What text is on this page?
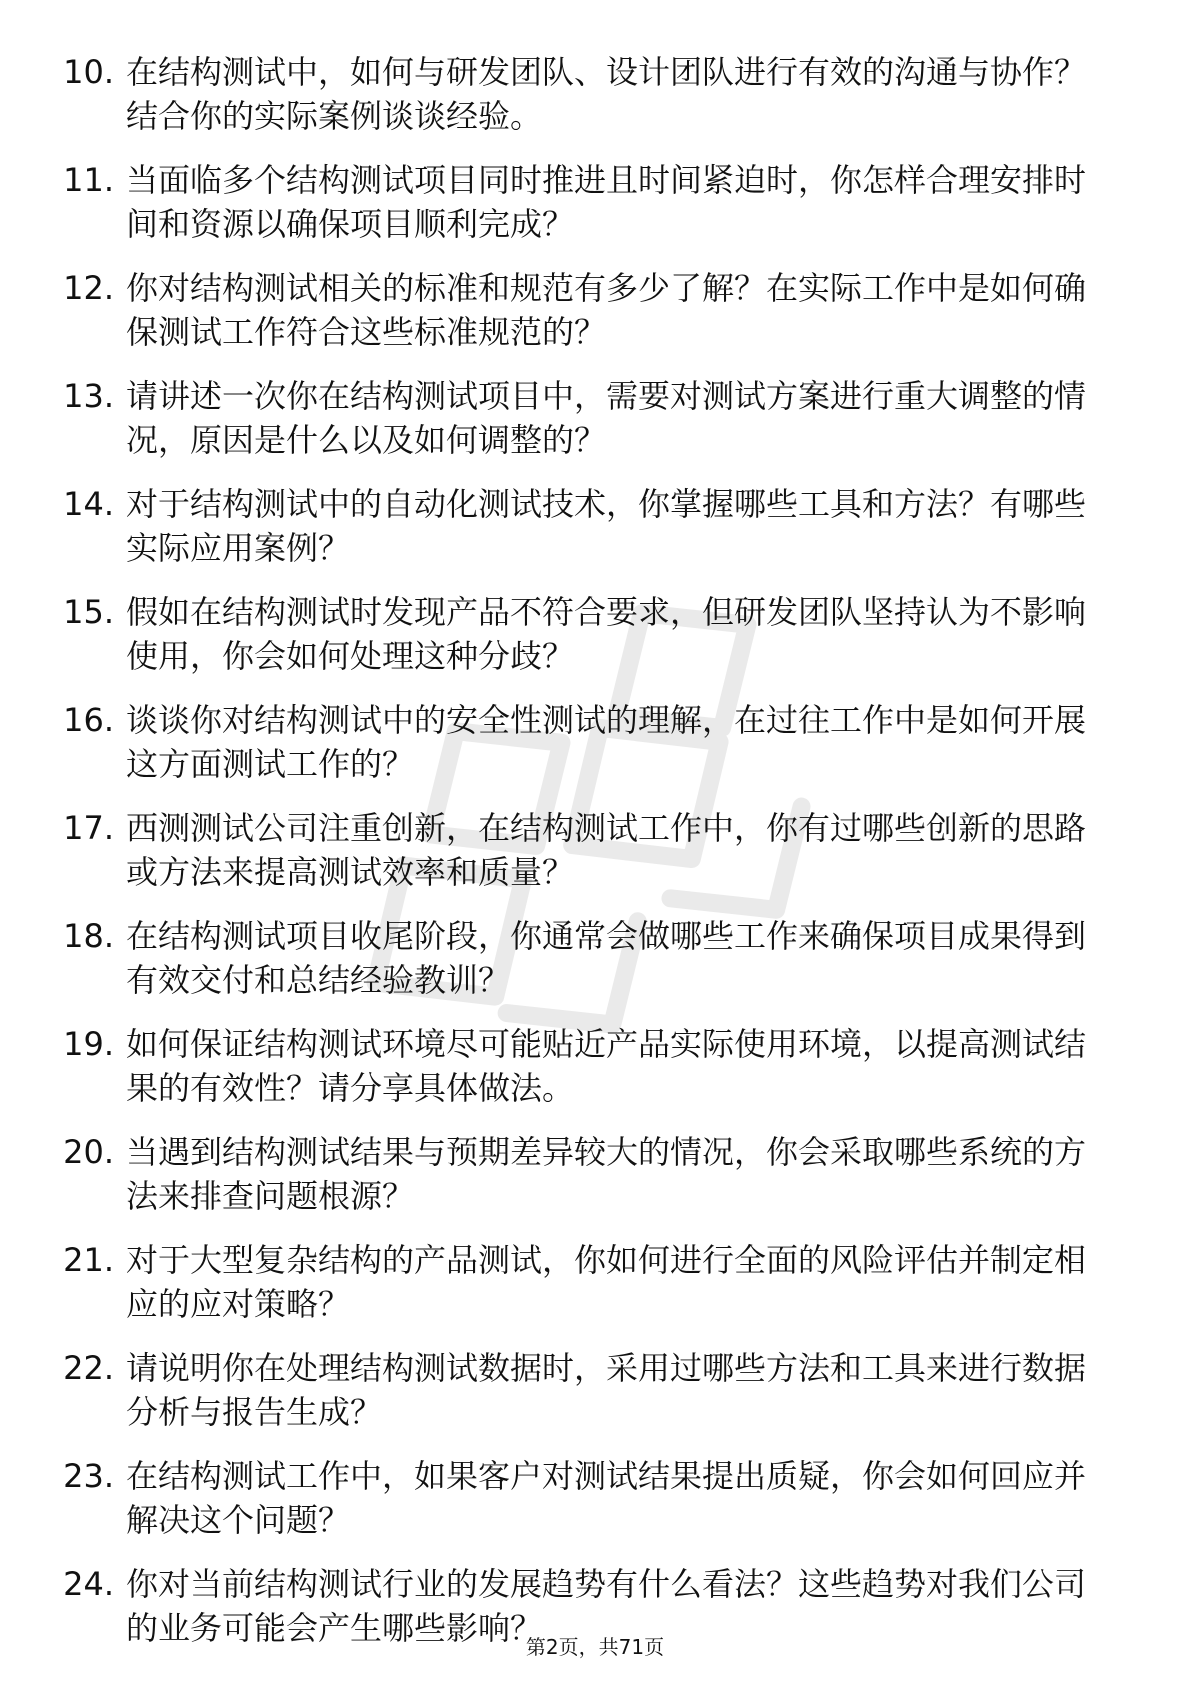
10. 在结构测试中，如何与研发团队、设计团队进行有效的沟通与协作？结合你的实际案例谈谈经验。
11. 当面临多个结构测试项目同时推进且时间紧迫时，你怎样合理安排时间和资源以确保项目顺利完成？
12. 你对结构测试相关的标准和规范有多少了解？在实际工作中是如何确保测试工作符合这些标准规范的？
13. 请讲述一次你在结构测试项目中，需要对测试方案进行重大调整的情况，原因是什么以及如何调整的？
14. 对于结构测试中的自动化测试技术，你掌握哪些工具和方法？有哪些实际应用案例？
15. 假如在结构测试时发现产品不符合要求，但研发团队坚持认为不影响使用，你会如何处理这种分歧？
16. 谈谈你对结构测试中的安全性测试的理解，在过往工作中是如何开展这方面测试工作的？
17. 西测测试公司注重创新，在结构测试工作中，你有过哪些创新的思路或方法来提高测试效率和质量？
18. 在结构测试项目收尾阶段，你通常会做哪些工作来确保项目成果得到有效交付和总结经验教训？
19. 如何保证结构测试环境尽可能贴近产品实际使用环境，以提高测试结果的有效性？请分享具体做法。
20. 当遇到结构测试结果与预期差异较大的情况，你会采取哪些系统的方法来排查问题根源？
21. 对于大型复杂结构的产品测试，你如何进行全面的风险评估并制定相应的应对策略？
22. 请说明你在处理结构测试数据时，采用过哪些方法和工具来进行数据分析与报告生成？
23. 在结构测试工作中，如果客户对测试结果提出质疑，你会如何回应并解决这个问题？
24. 你对当前结构测试行业的发展趋势有什么看法？这些趋势对我们公司的业务可能会产生哪些影响？
第2页，共71页
